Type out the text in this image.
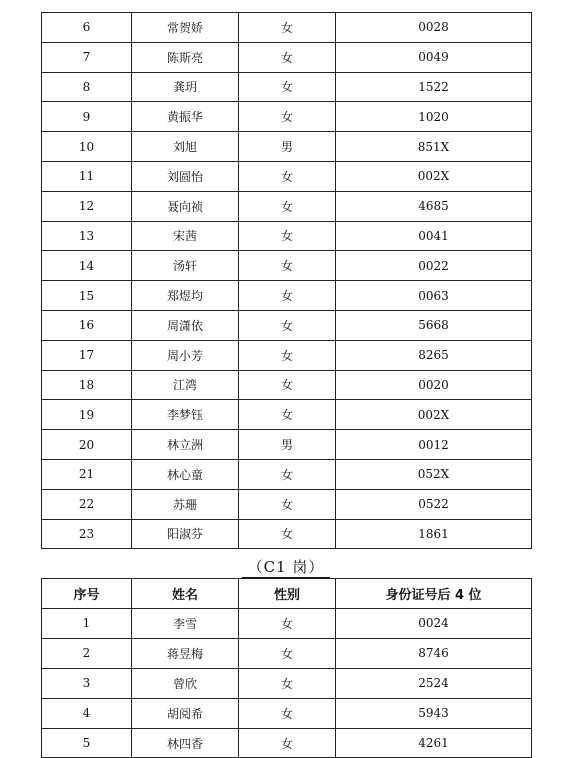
6	常贺娇	女	0028
7	陈斯亮	女	0049
8	龚玥	女	1522
9	黄振华	女	1020
10	刘旭	男	851X
11	刘圆怡	女	002X
12	聂向祯	女	4685
13	宋茜	女	0041
14	汤轩	女	0022
15	郑煜均	女	0063
16	周潇依	女	5668
17	周小芳	女	8265
18	江湾	女	0020
19	李梦钰	女	002X
20	林立洲	男	0012
21	林心童	女	052X
22	苏珊	女	0522
23	阳淑芬	女	1861
（C1 岗）
序号	姓名	性别	身份证号后 4 位
1	李雪	女	0024
2	蒋昱梅	女	8746
3	曾欣	女	2524
4	胡阅希	女	5943
5	林四香	女	4261
